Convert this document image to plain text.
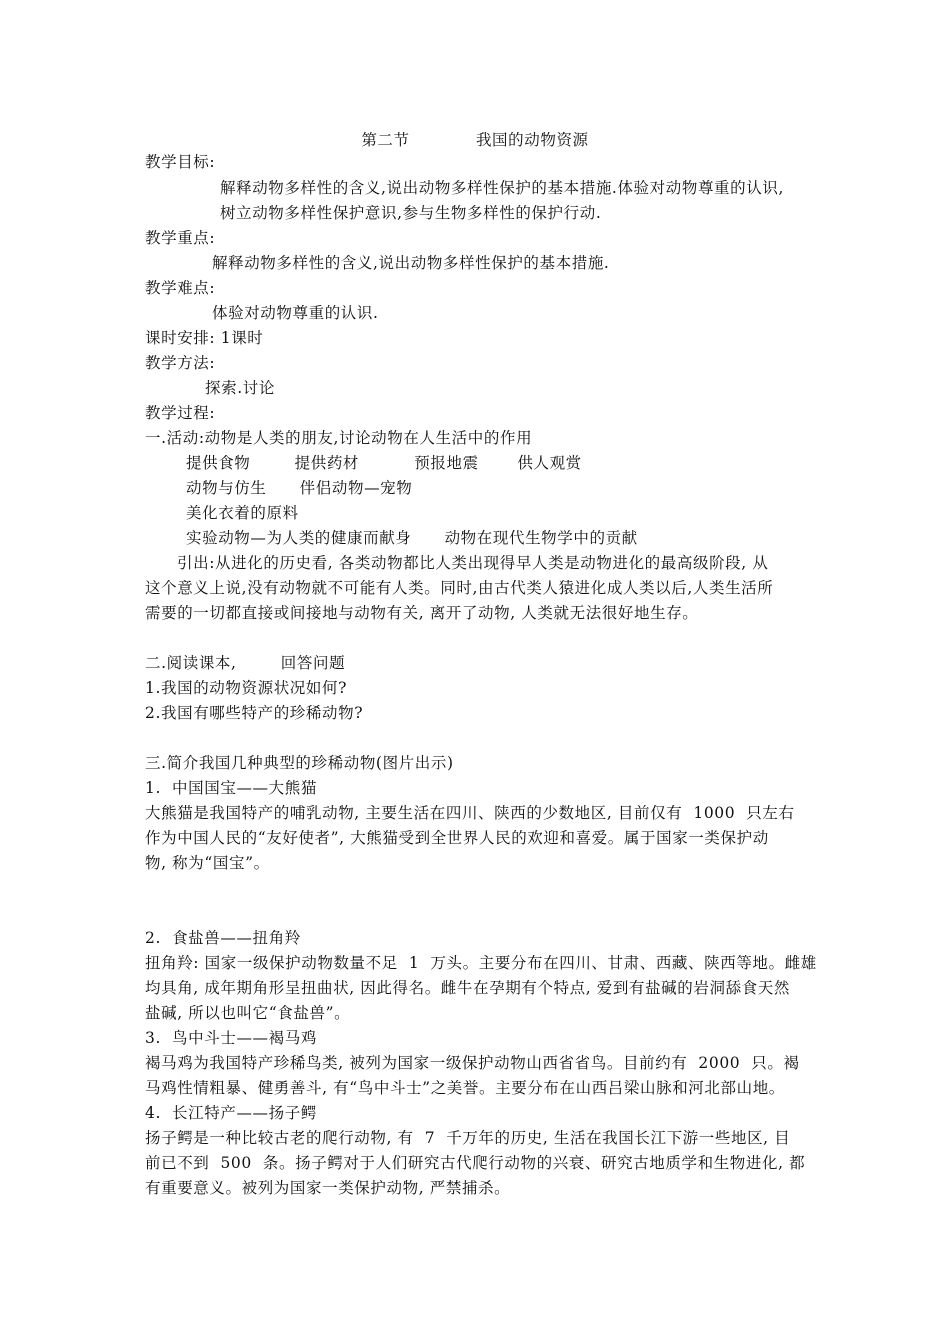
第二节            我国的动物资源
教学目标:
解释动物多样性的含义,说出动物多样性保护的基本措施.体验对动物尊重的认识,
树立动物多样性保护意识,参与生物多样性的保护行动.
教学重点:
解释动物多样性的含义,说出动物多样性保护的基本措施.
教学难点:
体验对动物尊重的认识.
课时安排: 1课时
教学方法:
探索.讨论
教学过程:
一.活动:动物是人类的朋友,讨论动物在人生活中的作用
提供食物        提供药材          预报地震       供人观赏
动物与仿生      伴侣动物—宠物
美化衣着的原料
实验动物—为人类的健康而献身      动物在现代生物学中的贡献
引出:从进化的历史看, 各类动物都比人类出现得早人类是动物进化的最高级阶段, 从
这个意义上说,没有动物就不可能有人类。同时,由古代类人猿进化成人类以后,人类生活所
需要的一切都直接或间接地与动物有关, 离开了动物, 人类就无法很好地生存。
二.阅读课本,        回答问题
1.我国的动物资源状况如何?
2.我国有哪些特产的珍稀动物?
三.简介我国几种典型的珍稀动物(图片出示)
1.  中国国宝——大熊猫
大熊猫是我国特产的哺乳动物, 主要生活在四川、陕西的少数地区, 目前仅有  1000  只左右
作为中国人民的“友好使者”, 大熊猫受到全世界人民的欢迎和喜爱。属于国家一类保护动
物, 称为“国宝”。
2.  食盐兽——扭角羚
扭角羚: 国家一级保护动物数量不足  1  万头。主要分布在四川、甘肃、西藏、陕西等地。雌雄
均具角, 成年期角形呈扭曲状, 因此得名。雌牛在孕期有个特点, 爱到有盐碱的岩洞舔食天然
盐碱, 所以也叫它“食盐兽”。
3.  鸟中斗士——褐马鸡
褐马鸡为我国特产珍稀鸟类, 被列为国家一级保护动物山西省省鸟。目前约有  2000  只。褐
马鸡性情粗暴、健勇善斗, 有“鸟中斗士”之美誉。主要分布在山西吕梁山脉和河北部山地。
4.  长江特产——扬子鳄
扬子鳄是一种比较古老的爬行动物, 有  7  千万年的历史, 生活在我国长江下游一些地区, 目
前已不到  500  条。扬子鳄对于人们研究古代爬行动物的兴衰、研究古地质学和生物进化, 都
有重要意义。被列为国家一类保护动物, 严禁捕杀。
